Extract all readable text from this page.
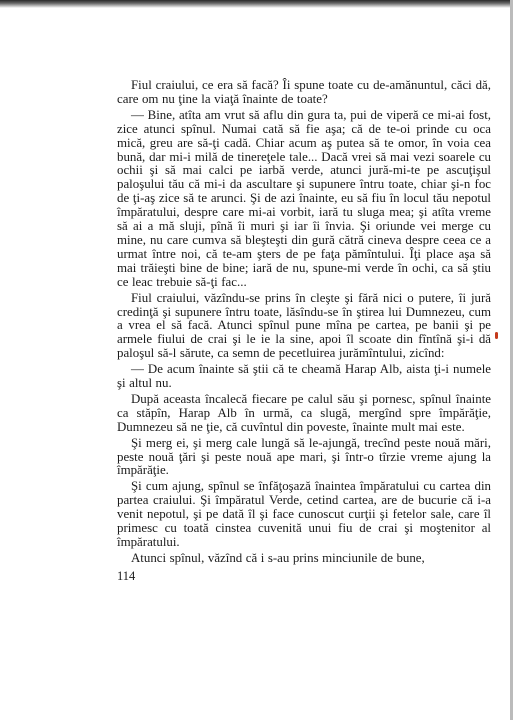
Fiul craiului, ce era să facă? Îi spune toate cu de-amănuntul, căci dă, care om nu ţine la viaţă înainte de toate?

— Bine, atîta am vrut să aflu din gura ta, pui de viperă ce mi-ai fost, zice atunci spînul. Numai cată să fie aşa; că de te-oi prinde cu oca mică, greu are să-ţi cadă. Chiar acum aş putea să te omor, în voia cea bună, dar mi-i milă de tinereţele tale... Dacă vrei să mai vezi soarele cu ochii şi să mai calci pe iarbă verde, atunci jură-mi-te pe ascuţişul paloşului tău că mi-i da ascultare şi supunere întru toate, chiar şi-n foc de ţi-aş zice să te arunci. Şi de azi înainte, eu să fiu în locul tău nepotul împăratului, despre care mi-ai vorbit, iară tu sluga mea; şi atîta vreme să ai a mă sluji, pînă îi muri şi iar îi învia. Şi oriunde vei merge cu mine, nu care cumva să bleşteşti din gură cătră cineva despre ceea ce a urmat între noi, că te-am şters de pe faţa pămîntului. Îţi place aşa să mai trăieşti bine de bine; iară de nu, spune-mi verde în ochi, ca să ştiu ce leac trebuie să-ţi fac...

Fiul craiului, văzîndu-se prins în cleşte şi fără nici o putere, îi jură credinţă şi supunere întru toate, lăsîndu-se în ştirea lui Dumnezeu, cum a vrea el să facă. Atunci spînul pune mîna pe cartea, pe banii şi pe armele fiului de crai şi le ie la sine, apoi îl scoate din fîntînă şi-i dă paloşul să-l sărute, ca semn de pecetluirea jurămîntului, zicînd:

— De acum înainte să ştii că te cheamă Harap Alb, aista ţi-i numele şi altul nu.

După aceasta încalecă fiecare pe calul său şi pornesc, spînul înainte ca stăpîn, Harap Alb în urmă, ca slugă, mergînd spre împărăţie, Dumnezeu să ne ţie, că cuvîntul din poveste, înainte mult mai este.

Şi merg ei, şi merg cale lungă să le-ajungă, trecînd peste nouă mări, peste nouă ţări şi peste nouă ape mari, şi într-o tîrzie vreme ajung la împărăţie.

Şi cum ajung, spînul se înfăţoşază înaintea împăratului cu cartea din partea craiului. Şi împăratul Verde, cetind cartea, are de bucurie că i-a venit nepotul, şi pe dată îl şi face cunoscut curţii şi fetelor sale, care îl primesc cu toată cinstea cuvenită unui fiu de crai şi moştenitor al împăratului.

Atunci spînul, văzînd că i s-au prins minciunile de bune,

114
